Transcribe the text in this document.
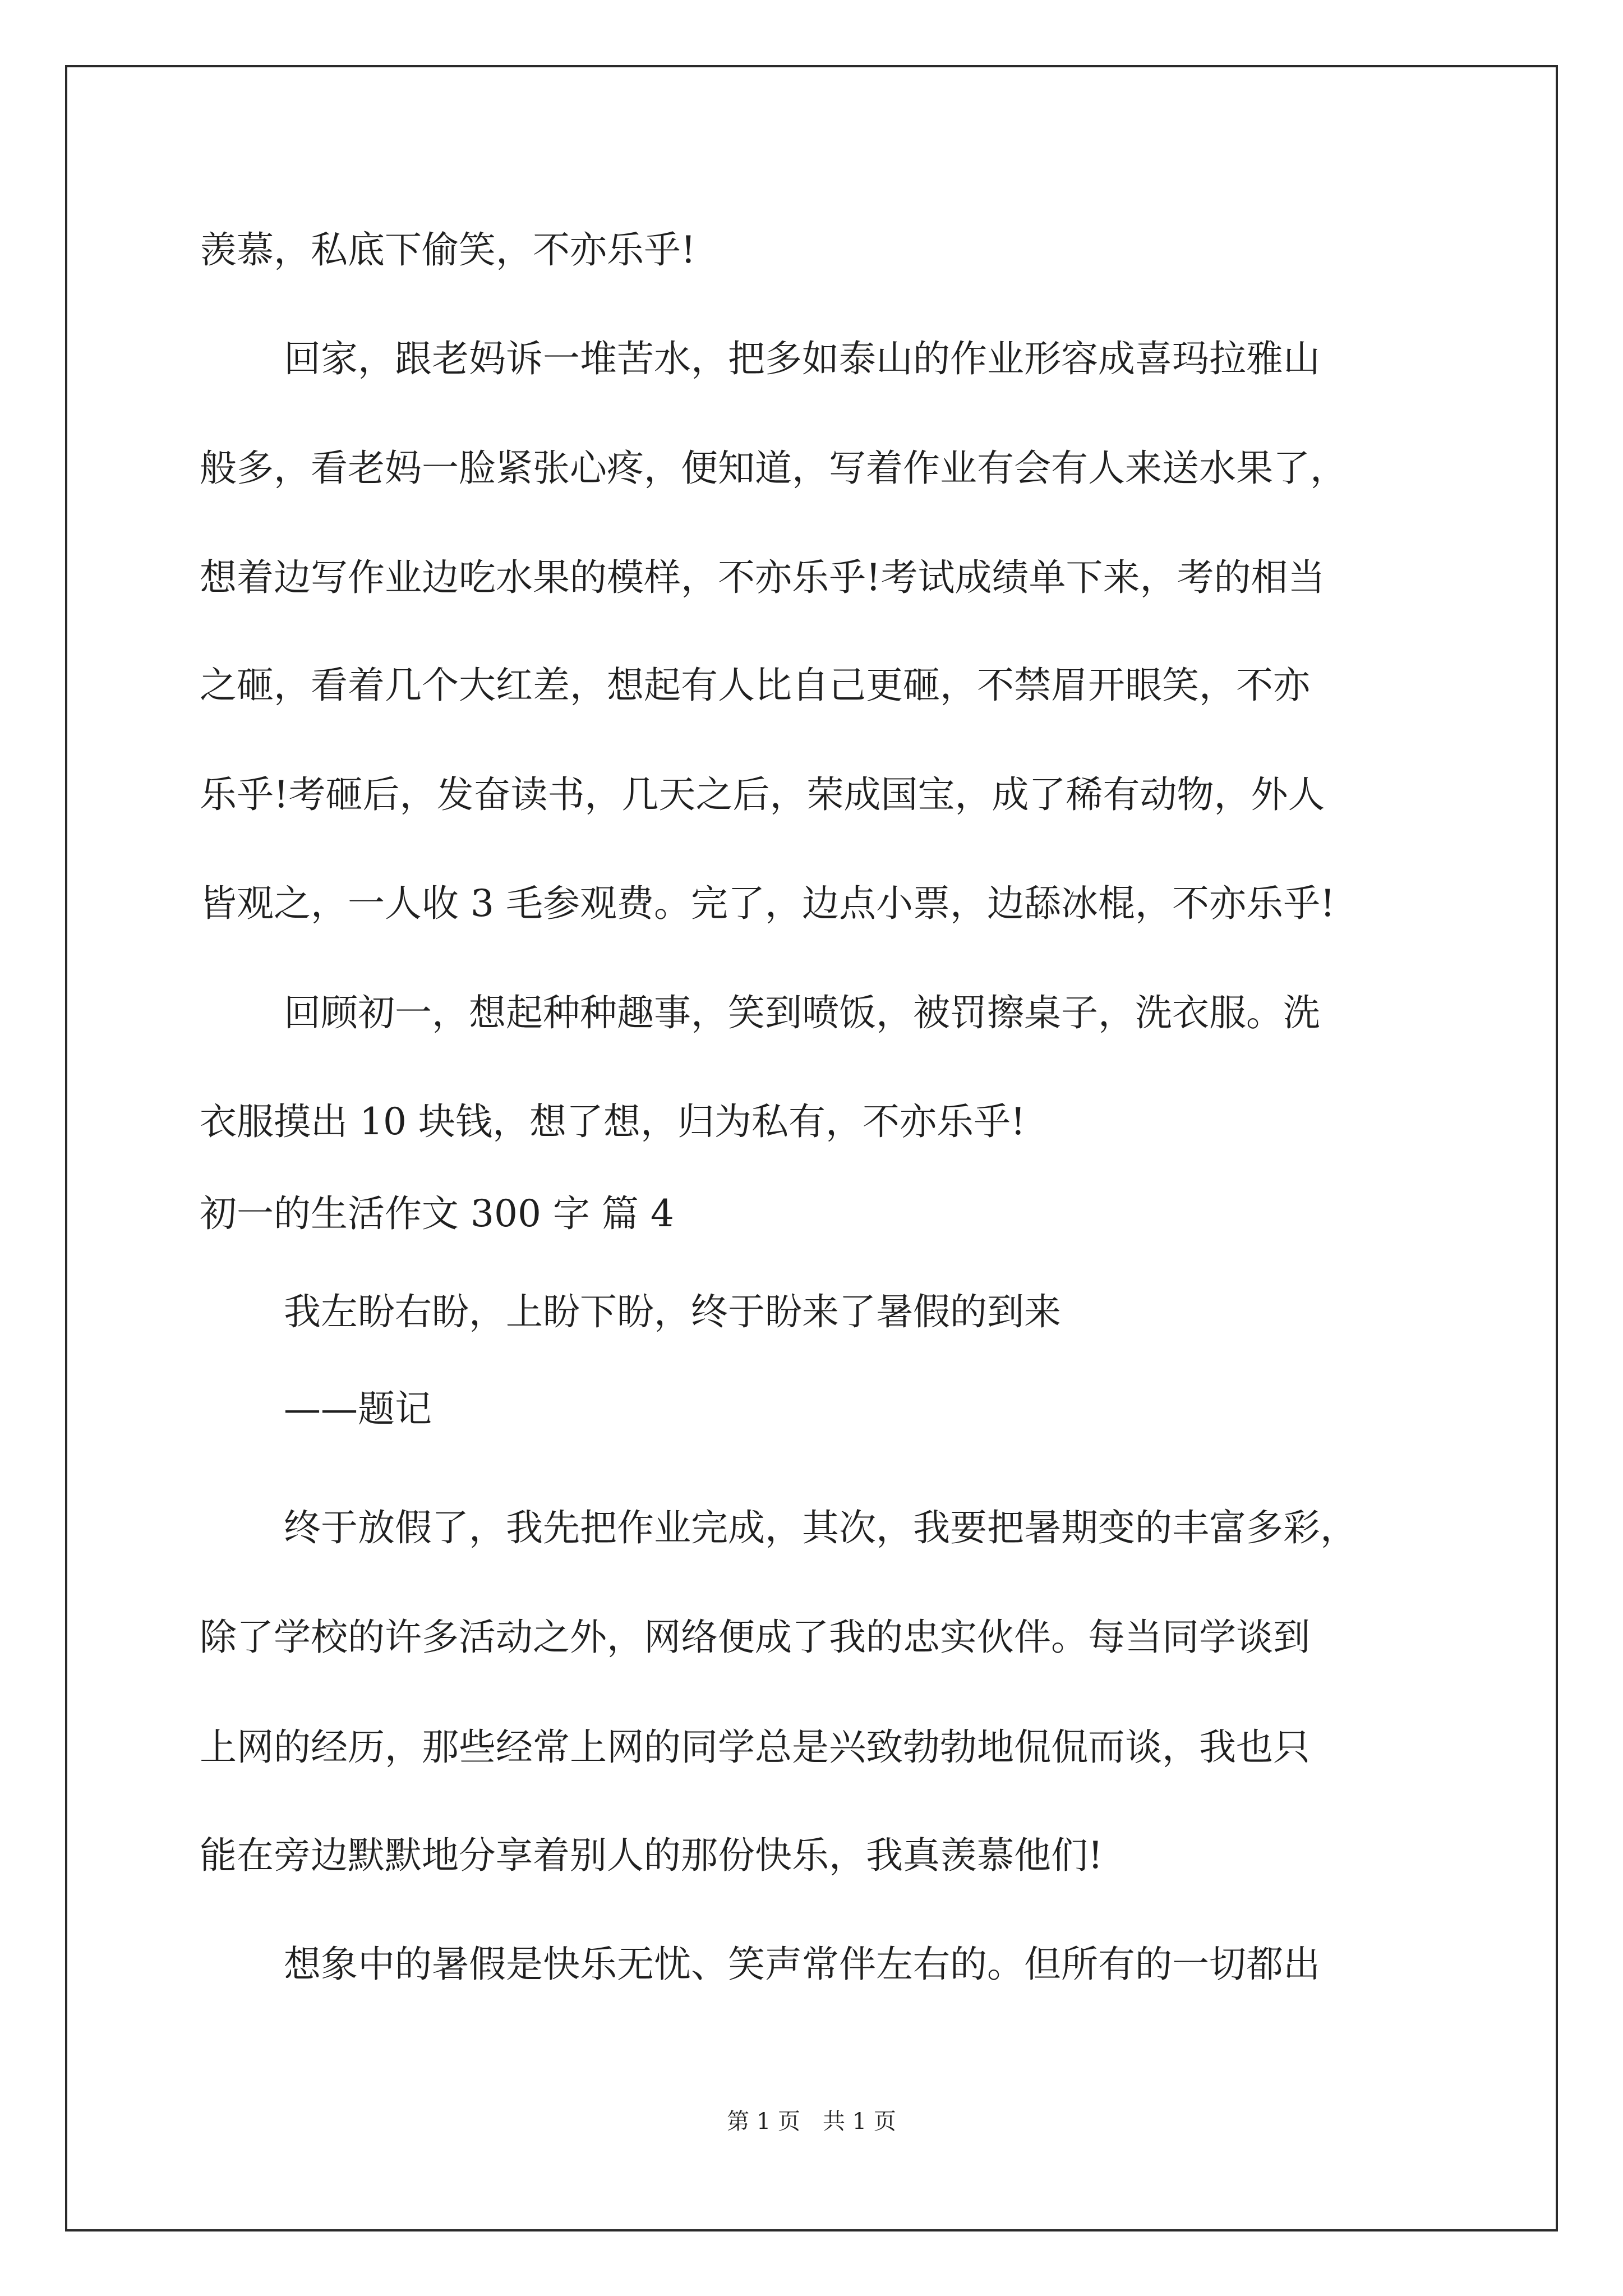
羡慕，私底下偷笑，不亦乐乎!
回家，跟老妈诉一堆苦水，把多如泰山的作业形容成喜玛拉雅山
般多，看老妈一脸紧张心疼，便知道，写着作业有会有人来送水果了，
想着边写作业边吃水果的模样，不亦乐乎!考试成绩单下来，考的相当
之砸，看着几个大红差，想起有人比自己更砸，不禁眉开眼笑，不亦
乐乎!考砸后，发奋读书，几天之后，荣成国宝，成了稀有动物，外人
皆观之，一人收 3 毛参观费。完了，边点小票，边舔冰棍，不亦乐乎!
回顾初一，想起种种趣事，笑到喷饭，被罚擦桌子，洗衣服。洗
衣服摸出 10 块钱，想了想，归为私有，不亦乐乎!
初一的生活作文 300 字 篇 4
我左盼右盼，上盼下盼，终于盼来了暑假的到来
——题记
终于放假了，我先把作业完成，其次，我要把暑期变的丰富多彩，
除了学校的许多活动之外，网络便成了我的忠实伙伴。每当同学谈到
上网的经历，那些经常上网的同学总是兴致勃勃地侃侃而谈，我也只
能在旁边默默地分享着别人的那份快乐，我真羡慕他们!
想象中的暑假是快乐无忧、笑声常伴左右的。但所有的一切都出
第 1 页　共 1 页
